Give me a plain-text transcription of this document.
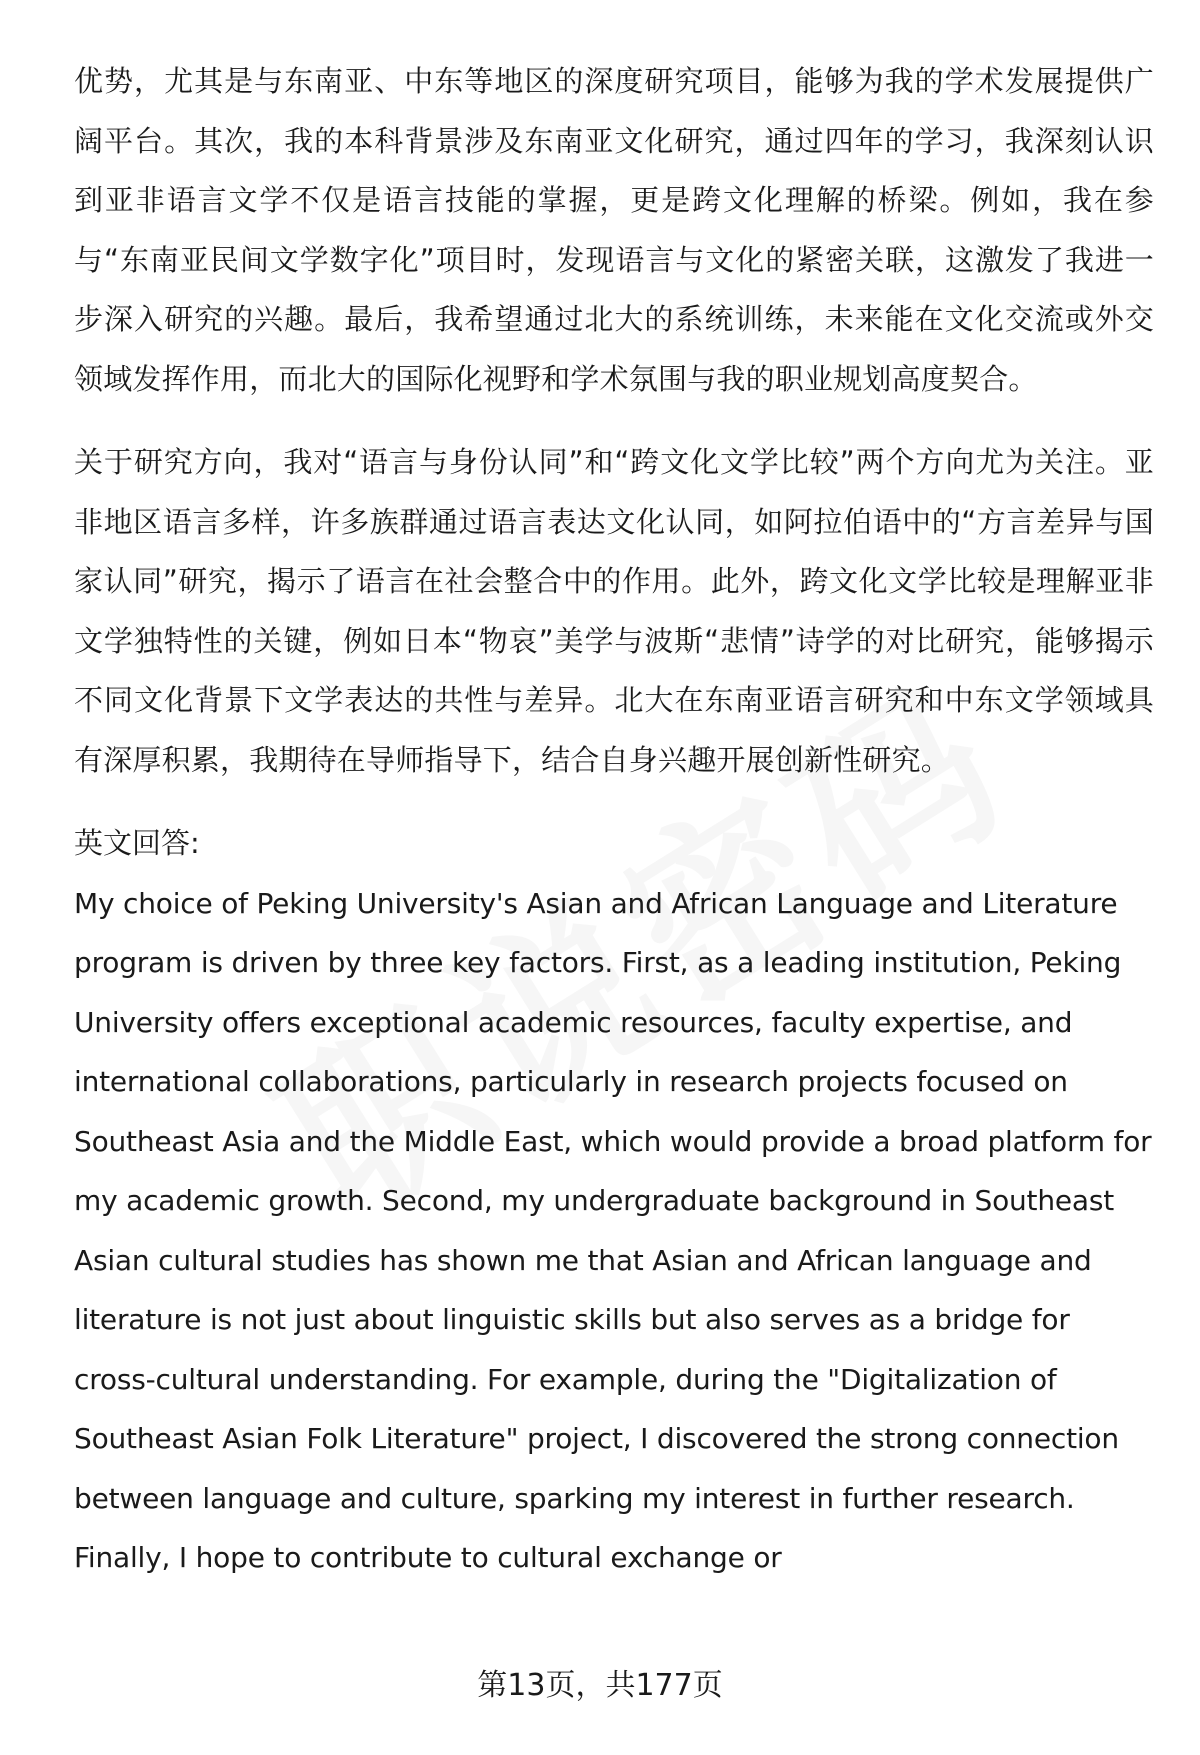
优势，尤其是与东南亚、中东等地区的深度研究项目，能够为我的学术发展提供广阔平台。其次，我的本科背景涉及东南亚文化研究，通过四年的学习，我深刻认识到亚非语言文学不仅是语言技能的掌握，更是跨文化理解的桥梁。例如，我在参与“东南亚民间文学数字化”项目时，发现语言与文化的紧密关联，这激发了我进一步深入研究的兴趣。最后，我希望通过北大的系统训练，未来能在文化交流或外交领域发挥作用，而北大的国际化视野和学术氛围与我的职业规划高度契合。

关于研究方向，我对“语言与身份认同”和“跨文化文学比较”两个方向尤为关注。亚非地区语言多样，许多族群通过语言表达文化认同，如阿拉伯语中的“方言差异与国家认同”研究，揭示了语言在社会整合中的作用。此外，跨文化文学比较是理解亚非文学独特性的关键，例如日本“物哀”美学与波斯“悲情”诗学的对比研究，能够揭示不同文化背景下文学表达的共性与差异。北大在东南亚语言研究和中东文学领域具有深厚积累，我期待在导师指导下，结合自身兴趣开展创新性研究。

英文回答:

My choice of Peking University's Asian and African Language and Literature program is driven by three key factors. First, as a leading institution, Peking University offers exceptional academic resources, faculty expertise, and international collaborations, particularly in research projects focused on Southeast Asia and the Middle East, which would provide a broad platform for my academic growth. Second, my undergraduate background in Southeast Asian cultural studies has shown me that Asian and African language and literature is not just about linguistic skills but also serves as a bridge for cross-cultural understanding. For example, during the "Digitalization of Southeast Asian Folk Literature" project, I discovered the strong connection between language and culture, sparking my interest in further research. Finally, I hope to contribute to cultural exchange or

第13页，共177页
